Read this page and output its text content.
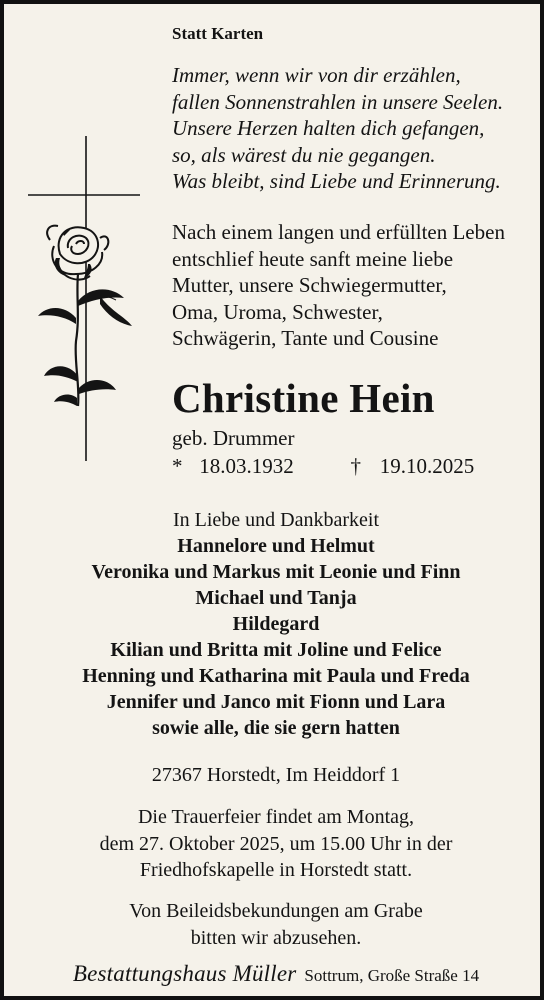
Statt Karten
Immer, wenn wir von dir erzählen,
fallen Sonnenstrahlen in unsere Seelen.
Unsere Herzen halten dich gefangen,
so, als wärest du nie gegangen.
Was bleibt, sind Liebe und Erinnerung.
Nach einem langen und erfüllten Leben
entschlief heute sanft meine liebe
Mutter, unsere Schwiegermutter,
Oma, Uroma, Schwester,
Schwägerin, Tante und Cousine
Christine Hein
geb. Drummer
* 18.03.1932	† 19.10.2025
In Liebe und Dankbarkeit
Hannelore und Helmut
Veronika und Markus mit Leonie und Finn
Michael und Tanja
Hildegard
Kilian und Britta mit Joline und Felice
Henning und Katharina mit Paula und Freda
Jennifer und Janco mit Fionn und Lara
sowie alle, die sie gern hatten
27367 Horstedt, Im Heiddorf 1
Die Trauerfeier findet am Montag,
dem 27. Oktober 2025, um 15.00 Uhr in der
Friedhofskapelle in Horstedt statt.
Von Beileidsbekundungen am Grabe
bitten wir abzusehen.
Bestattungshaus Müller Sottrum, Große Straße 14
